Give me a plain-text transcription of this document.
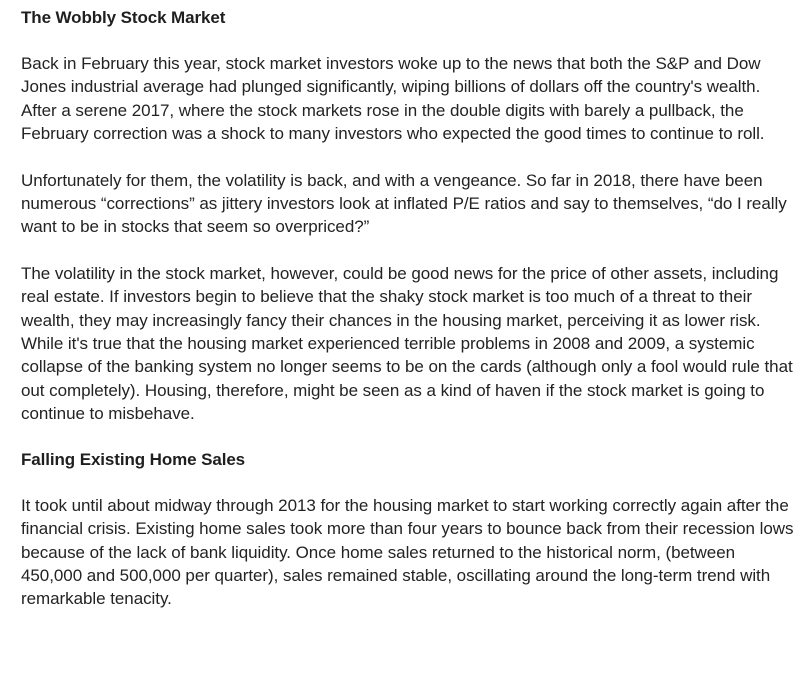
The Wobbly Stock Market

Back in February this year, stock market investors woke up to the news that both the S&P and Dow Jones industrial average had plunged significantly, wiping billions of dollars off the country's wealth. After a serene 2017, where the stock markets rose in the double digits with barely a pullback, the February correction was a shock to many investors who expected the good times to continue to roll.

Unfortunately for them, the volatility is back, and with a vengeance. So far in 2018, there have been numerous “corrections” as jittery investors look at inflated P/E ratios and say to themselves, “do I really want to be in stocks that seem so overpriced?”

The volatility in the stock market, however, could be good news for the price of other assets, including real estate. If investors begin to believe that the shaky stock market is too much of a threat to their wealth, they may increasingly fancy their chances in the housing market, perceiving it as lower risk. While it's true that the housing market experienced terrible problems in 2008 and 2009, a systemic collapse of the banking system no longer seems to be on the cards (although only a fool would rule that out completely). Housing, therefore, might be seen as a kind of haven if the stock market is going to continue to misbehave.

Falling Existing Home Sales

It took until about midway through 2013 for the housing market to start working correctly again after the financial crisis. Existing home sales took more than four years to bounce back from their recession lows because of the lack of bank liquidity. Once home sales returned to the historical norm, (between 450,000 and 500,000 per quarter), sales remained stable, oscillating around the long-term trend with remarkable tenacity.
